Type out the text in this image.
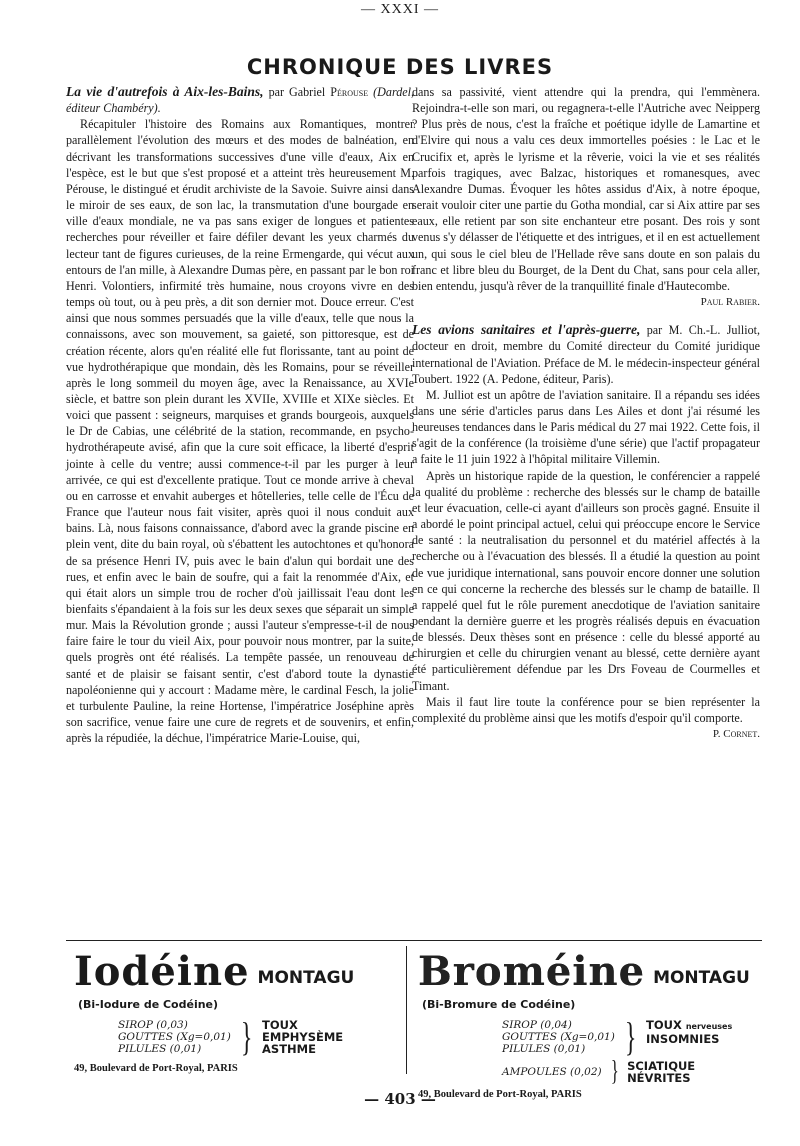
— XXXI —
CHRONIQUE DES LIVRES

La vie d'autrefois à Aix-les-Bains, par Gabriel Pérouse (Dardel, éditeur Chambéry).

Récapituler l'histoire des Romains aux Romantiques, montrer parallèlement l'évolution des mœurs et des modes de balnéation, en décrivant les transformations successives d'une ville d'eaux, Aix en l'espèce, est le but que s'est proposé et a atteint très heureusement M. Pérouse, le distingué et érudit archiviste de la Savoie. Suivre ainsi dans le miroir de ses eaux, de son lac, la transmutation d'une bourgade en ville d'eaux mondiale, ne va pas sans exiger de longues et patientes recherches pour réveiller et faire défiler devant les yeux charmés du lecteur tant de figures curieuses, de la reine Ermengarde, qui vécut aux entours de l'an mille, à Alexandre Dumas père, en passant par le bon roi Henri. Volontiers, infirmité très humaine, nous croyons vivre en des temps où tout, ou à peu près, a dit son dernier mot. Douce erreur. C'est ainsi que nous sommes persuadés que la ville d'eaux, telle que nous la connaissons, avec son mouvement, sa gaieté, son pittoresque, est de création récente, alors qu'en réalité elle fut florissante, tant au point de vue hydrothérapique que mondain, dès les Romains, pour se réveiller après le long sommeil du moyen âge, avec la Renaissance, au XVIe siècle, et battre son plein durant les XVIIe, XVIIIe et XIXe siècles. Et voici que passent : seigneurs, marquises et grands bourgeois, auxquels le Dr de Cabias, une célébrité de la station, recommande, en psycho-hydrothérapeute avisé, afin que la cure soit efficace, la liberté d'esprit jointe à celle du ventre; aussi commence-t-il par les purger à leur arrivée, ce qui est d'excellente pratique. Tout ce monde arrive à cheval ou en carrosse et envahit auberges et hôtelleries, telle celle de l'Écu de France que l'auteur nous fait visiter, après quoi il nous conduit aux bains. Là, nous faisons connaissance, d'abord avec la grande piscine en plein vent, dite du bain royal, où s'ébattent les autochtones et qu'honora de sa présence Henri IV, puis avec le bain d'alun qui bordait une des rues, et enfin avec le bain de soufre, qui a fait la renommée d'Aix, et qui était alors un simple trou de rocher d'où jaillissait l'eau dont les bienfaits s'épandaient à la fois sur les deux sexes que séparait un simple mur. Mais la Révolution gronde ; aussi l'auteur s'empresse-t-il de nous faire faire le tour du vieil Aix, pour pouvoir nous montrer, par la suite, quels progrès ont été réalisés. La tempête passée, un renouveau de santé et de plaisir se faisant sentir, c'est d'abord toute la dynastie napoléonienne qui y accourt : Madame mère, le cardinal Fesch, la jolie et turbulente Pauline, la reine Hortense, l'impératrice Joséphine après son sacrifice, venue faire une cure de regrets et de souvenirs, et enfin, après la répudiée, la déchue, l'impératrice Marie-Louise, qui,

dans sa passivité, vient attendre qui la prendra, qui l'emmènera. Rejoindra-t-elle son mari, ou regagnera-t-elle l'Autriche avec Neipperg ? Plus près de nous, c'est la fraîche et poétique idylle de Lamartine et d'Elvire qui nous a valu ces deux immortelles poésies : le Lac et le Crucifix et, après le lyrisme et la rêverie, voici la vie et ses réalités parfois tragiques, avec Balzac, historiques et romanesques, avec Alexandre Dumas. Évoquer les hôtes assidus d'Aix, à notre époque, serait vouloir citer une partie du Gotha mondial, car si Aix attire par ses eaux, elle retient par son site enchanteur etre posant. Des rois y sont venus s'y délasser de l'étiquette et des intrigues, et il en est actuellement un, qui sous le ciel bleu de l'Hellade rêve sans doute en son palais du franc et libre bleu du Bourget, de la Dent du Chat, sans pour cela aller, bien entendu, jusqu'à rêver de la tranquillité finale d'Hautecombe.

Paul Rabier.

Les avions sanitaires et l'après-guerre, par M. Ch.-L. Julliot, docteur en droit, membre du Comité directeur du Comité juridique international de l'Aviation. Préface de M. le médecin-inspecteur général Toubert. 1922 (A. Pedone, éditeur, Paris).

M. Julliot est un apôtre de l'aviation sanitaire. Il a répandu ses idées dans une série d'articles parus dans Les Ailes et dont j'ai résumé les heureuses tendances dans le Paris médical du 27 mai 1922. Cette fois, il s'agit de la conférence (la troisième d'une série) que l'actif propagateur a faite le 11 juin 1922 à l'hôpital militaire Villemin.

Après un historique rapide de la question, le conférencier a rappelé la qualité du problème : recherche des blessés sur le champ de bataille et leur évacuation, celle-ci ayant d'ailleurs son procès gagné. Ensuite il a abordé le point principal actuel, celui qui préoccupe encore le Service de santé : la neutralisation du personnel et du matériel affectés à la recherche ou à l'évacuation des blessés. Il a étudié la question au point de vue juridique international, sans pouvoir encore donner une solution en ce qui concerne la recherche des blessés sur le champ de bataille. Il a rappelé quel fut le rôle purement anecdotique de l'aviation sanitaire pendant la dernière guerre et les progrès réalisés depuis en évacuation de blessés. Deux thèses sont en présence : celle du blessé apporté au chirurgien et celle du chirurgien venant au blessé, cette dernière ayant été particulièrement défendue par les Drs Foveau de Courmelles et Timant.

Mais il faut lire toute la conférence pour se bien représenter la complexité du problème ainsi que les motifs d'espoir qu'il comporte.

P. Cornet.

Iodéine MONTAGU
(Bi-Iodure de Codéine)
SIROP (0,03)
GOUTTES (Xg=0,01)
PILULES (0,01) } TOUX
EMPHYSÈME
ASTHME
49, Boulevard de Port-Royal, PARIS
Broméine MONTAGU
(Bi-Bromure de Codéine)
SIROP (0,04)
GOUTTES (Xg=0,01)
PILULES (0,01) } TOUX nerveuses
INSOMNIES
AMPOULES (0,02) } SCIATIQUE
NÉVRITES
49, Boulevard de Port-Royal, PARIS
— 403 —
